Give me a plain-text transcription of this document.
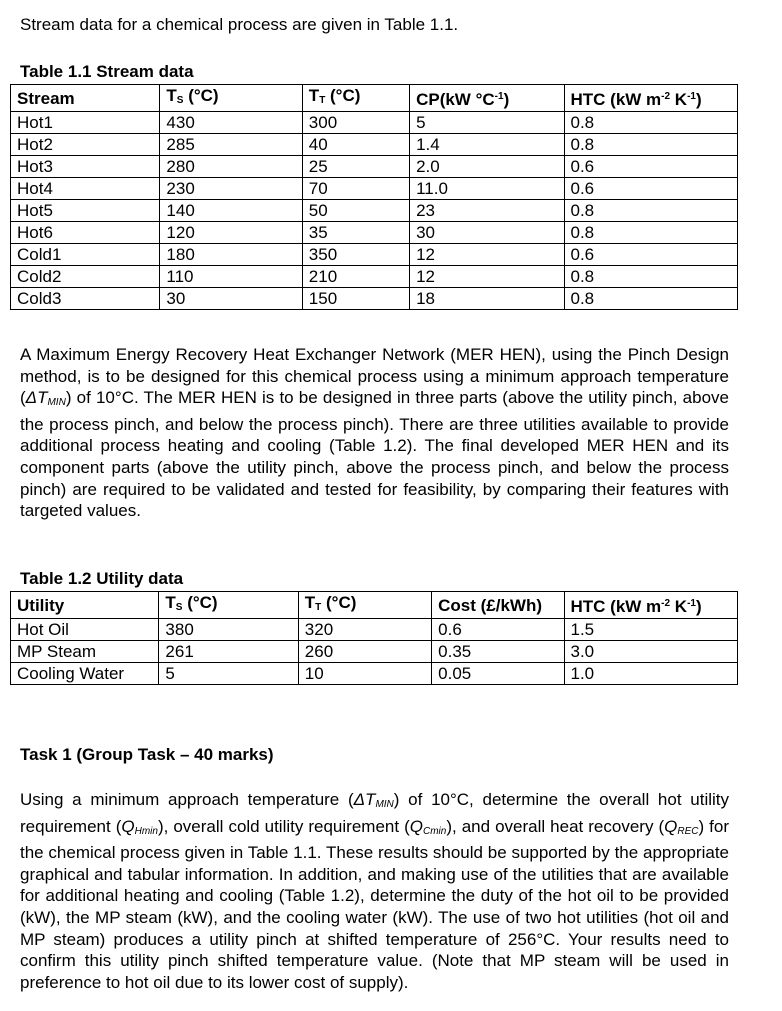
Stream data for a chemical process are given in Table 1.1.

Table 1.1 Stream data

Stream	$T_S$ (°C)	$T_T$ (°C)	CP(kW $^\circ C^{-1}$)	HTC (kW $m^{-2}$ $K^{-1}$)
Hot1	430	300	5	0.8
Hot2	285	40	1.4	0.8
Hot3	280	25	2.0	0.6
Hot4	230	70	11.0	0.6
Hot5	140	50	23	0.8
Hot6	120	35	30	0.8
Cold1	180	350	12	0.6
Cold2	110	210	12	0.8
Cold3	30	150	18	0.8

A Maximum Energy Recovery Heat Exchanger Network (MER HEN), using the Pinch Design method, is to be designed for this chemical process using a minimum approach temperature $(\Delta T_{MIN})$ of 10°C. The MER HEN is to be designed in three parts (above the utility pinch, above the process pinch, and below the process pinch). There are three utilities available to provide additional process heating and cooling (Table 1.2). The final developed MER HEN and its component parts (above the utility pinch, above the process pinch, and below the process pinch) are required to be validated and tested for feasibility, by comparing their features with targeted values.

Table 1.2 Utility data

Utility	$T_S$ (°C)	$T_T$ (°C)	Cost (£/kWh)	HTC (kW $m^{-2}$ $K^{-1}$)
Hot Oil	380	320	0.6	1.5
MP Steam	261	260	0.35	3.0
Cooling Water	5	10	0.05	1.0

Task 1 (Group Task – 40 marks)

Using a minimum approach temperature $(\Delta T_{MIN})$ of 10°C, determine the overall hot utility requirement $(Q_{Hmin})$, overall cold utility requirement $(Q_{Cmin})$, and overall heat recovery $(Q_{REC})$ for the chemical process given in Table 1.1. These results should be supported by the appropriate graphical and tabular information. In addition, and making use of the utilities that are available for additional heating and cooling (Table 1.2), determine the duty of the hot oil to be provided (kW), the MP steam (kW), and the cooling water (kW). The use of two hot utilities (hot oil and MP steam) produces a utility pinch at shifted temperature of 256°C. Your results need to confirm this utility pinch shifted temperature value. (Note that MP steam will be used in preference to hot oil due to its lower cost of supply).
